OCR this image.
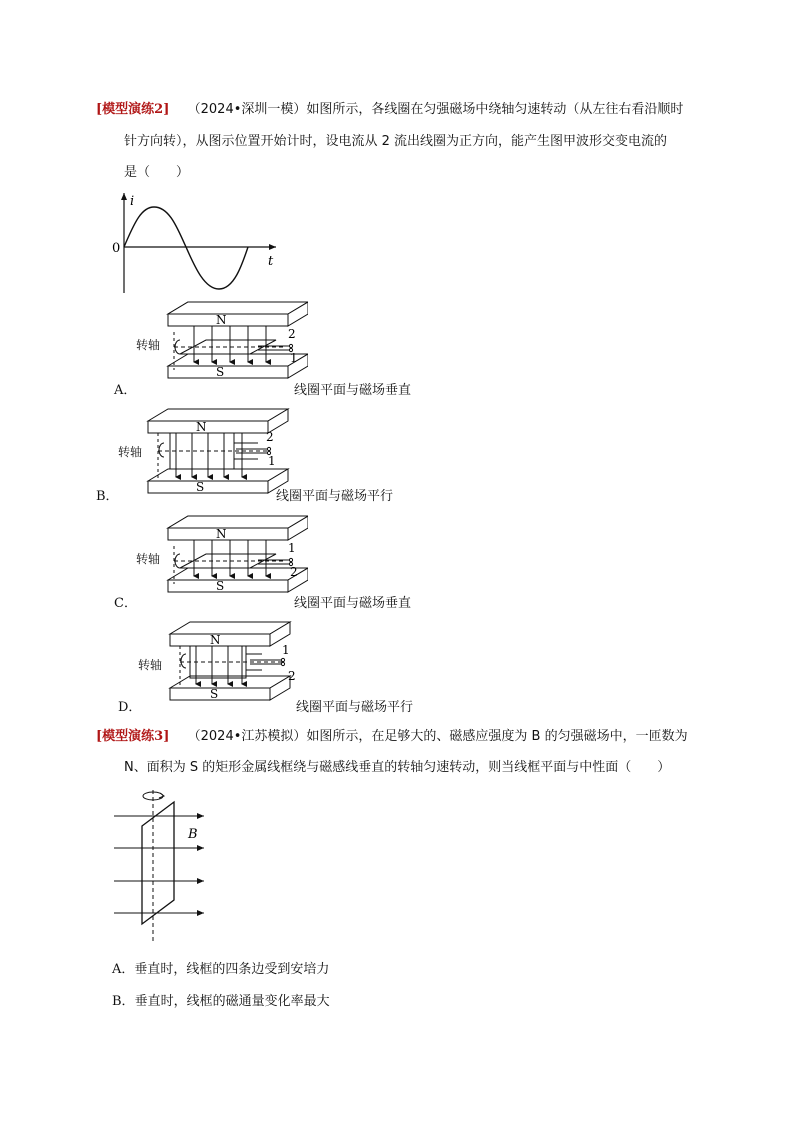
[模型演练2] （2024•深圳一模）如图所示，各线圈在匀强磁场中绕轴匀速转动（从左往右看沿顺时
针方向转），从图示位置开始计时，设电流从 2 流出线圈为正方向，能产生图甲波形交变电流的
是（　　）
i
t
0
N
S
2
1
转轴
A．	线圈平面与磁场垂直
N
S
2
1
转轴
B．	线圈平面与磁场平行
N
S
1
2
转轴
C．	线圈平面与磁场垂直
N
S
1
2
转轴
D．	线圈平面与磁场平行
[模型演练3] （2024•江苏模拟）如图所示，在足够大的、磁感应强度为 B 的匀强磁场中，一匝数为
N、面积为 S 的矩形金属线框绕与磁感线垂直的转轴匀速转动，则当线框平面与中性面（　　）
B
A．垂直时，线框的四条边受到安培力
B．垂直时，线框的磁通量变化率最大
